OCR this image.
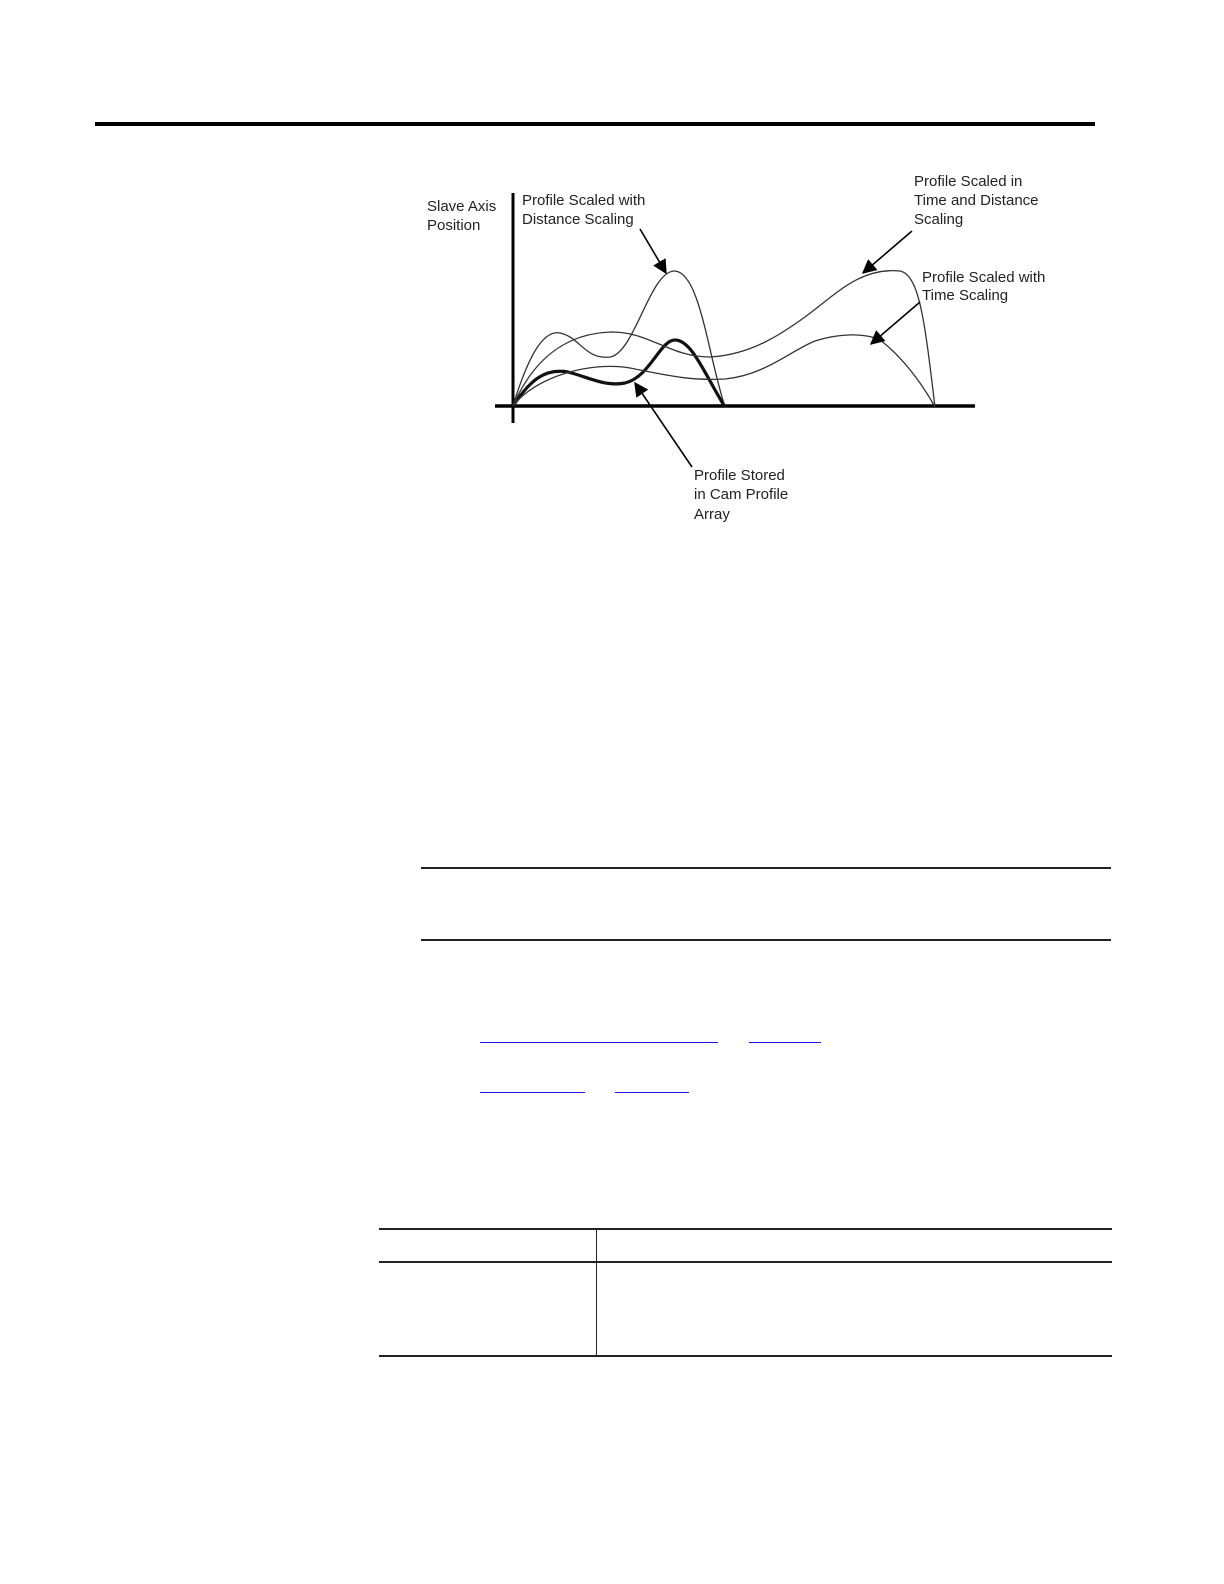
Slave Axis Position
Profile Scaled with Distance Scaling
Profile Scaled in Time and Distance Scaling
Profile Scaled with Time Scaling
Profile Stored in Cam Profile Array
